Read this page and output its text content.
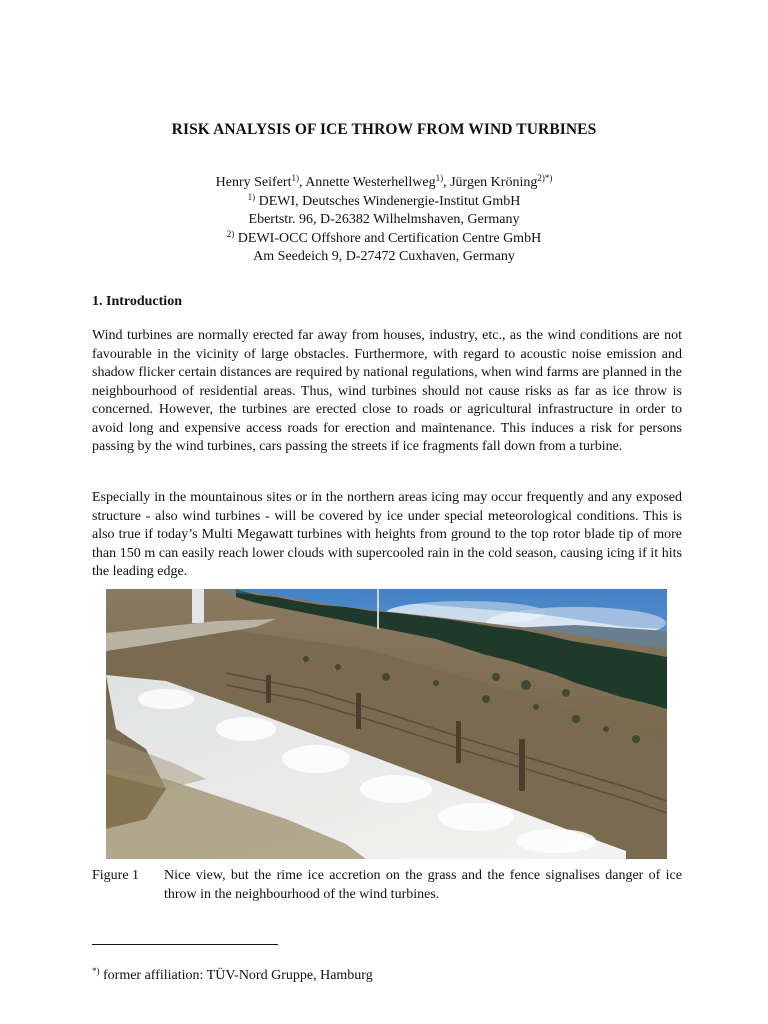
RISK ANALYSIS OF ICE THROW FROM WIND TURBINES
Henry Seifert$^{1)}$, Annette Westerhellweg$^{1)}$, Jürgen Kröning$^{2)*)}$
$^{1)}$ DEWI, Deutsches Windenergie-Institut GmbH
Ebertstr. 96, D-26382 Wilhelmshaven, Germany
$^{2)}$ DEWI-OCC Offshore and Certification Centre GmbH
Am Seedeich 9, D-27472 Cuxhaven, Germany
1. Introduction

Wind turbines are normally erected far away from houses, industry, etc., as the wind conditions are not favourable in the vicinity of large obstacles. Furthermore, with regard to acoustic noise emission and shadow flicker certain distances are required by national regulations, when wind farms are planned in the neighbourhood of residential areas. Thus, wind turbines should not cause risks as far as ice throw is concerned. However, the turbines are erected close to roads or agricultural infrastructure in order to avoid long and expensive access roads for erection and maintenance. This induces a risk for persons passing by the wind turbines, cars passing the streets if ice fragments fall down from a turbine.

Especially in the mountainous sites or in the northern areas icing may occur frequently and any exposed structure - also wind turbines - will be covered by ice under special meteorological conditions. This is also true if today’s Multi Megawatt turbines with heights from ground to the top rotor blade tip of more than 150 m can easily reach lower clouds with supercooled rain in the cold season, causing icing if it hits the leading edge.

Figure 1 Nice view, but the rime ice accretion on the grass and the fence signalises danger of ice throw in the neighbourhood of the wind turbines.
*) former affiliation: TÜV-Nord Gruppe, Hamburg
